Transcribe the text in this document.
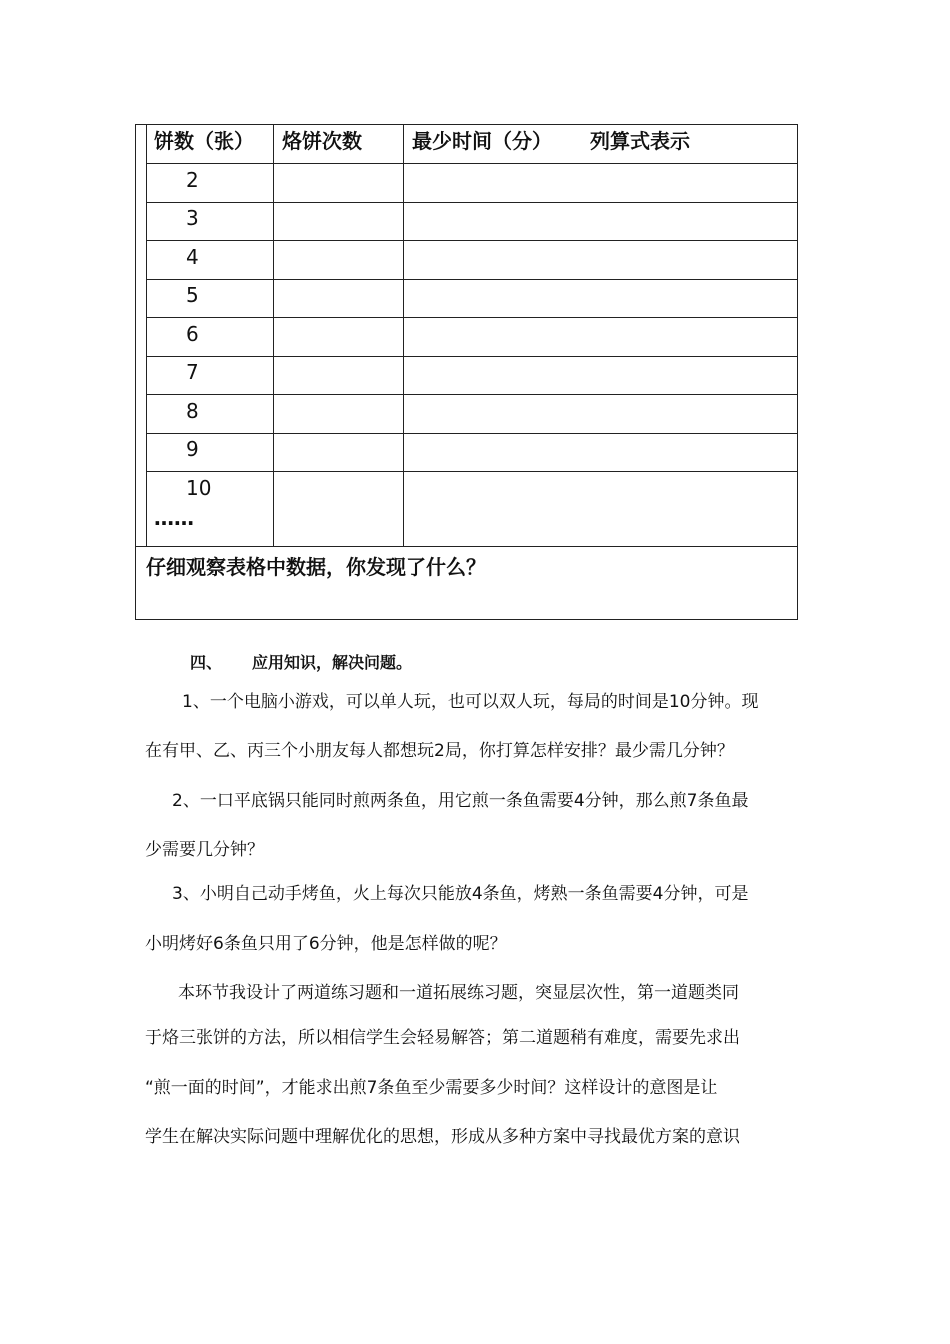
饼数（张） 烙饼次数	最少时间（分） 列算式表示
2
3
4
5
6
7
8
9
10
……
仔细观察表格中数据，你发现了什么？
四、 应用知识，解决问题。
1、一个电脑小游戏，可以单人玩，也可以双人玩，每局的时间是10分钟。现
在有甲、乙、丙三个小朋友每人都想玩2局，你打算怎样安排？最少需几分钟？
2、一口平底锅只能同时煎两条鱼，用它煎一条鱼需要4分钟，那么煎7条鱼最
少需要几分钟？
3、小明自己动手烤鱼，火上每次只能放4条鱼，烤熟一条鱼需要4分钟，可是
小明烤好6条鱼只用了6分钟，他是怎样做的呢？
本环节我设计了两道练习题和一道拓展练习题，突显层次性，第一道题类同
于烙三张饼的方法，所以相信学生会轻易解答；第二道题稍有难度，需要先求出
“煎一面的时间”，才能求出煎7条鱼至少需要多少时间？这样设计的意图是让
学生在解决实际问题中理解优化的思想，形成从多种方案中寻找最优方案的意识
